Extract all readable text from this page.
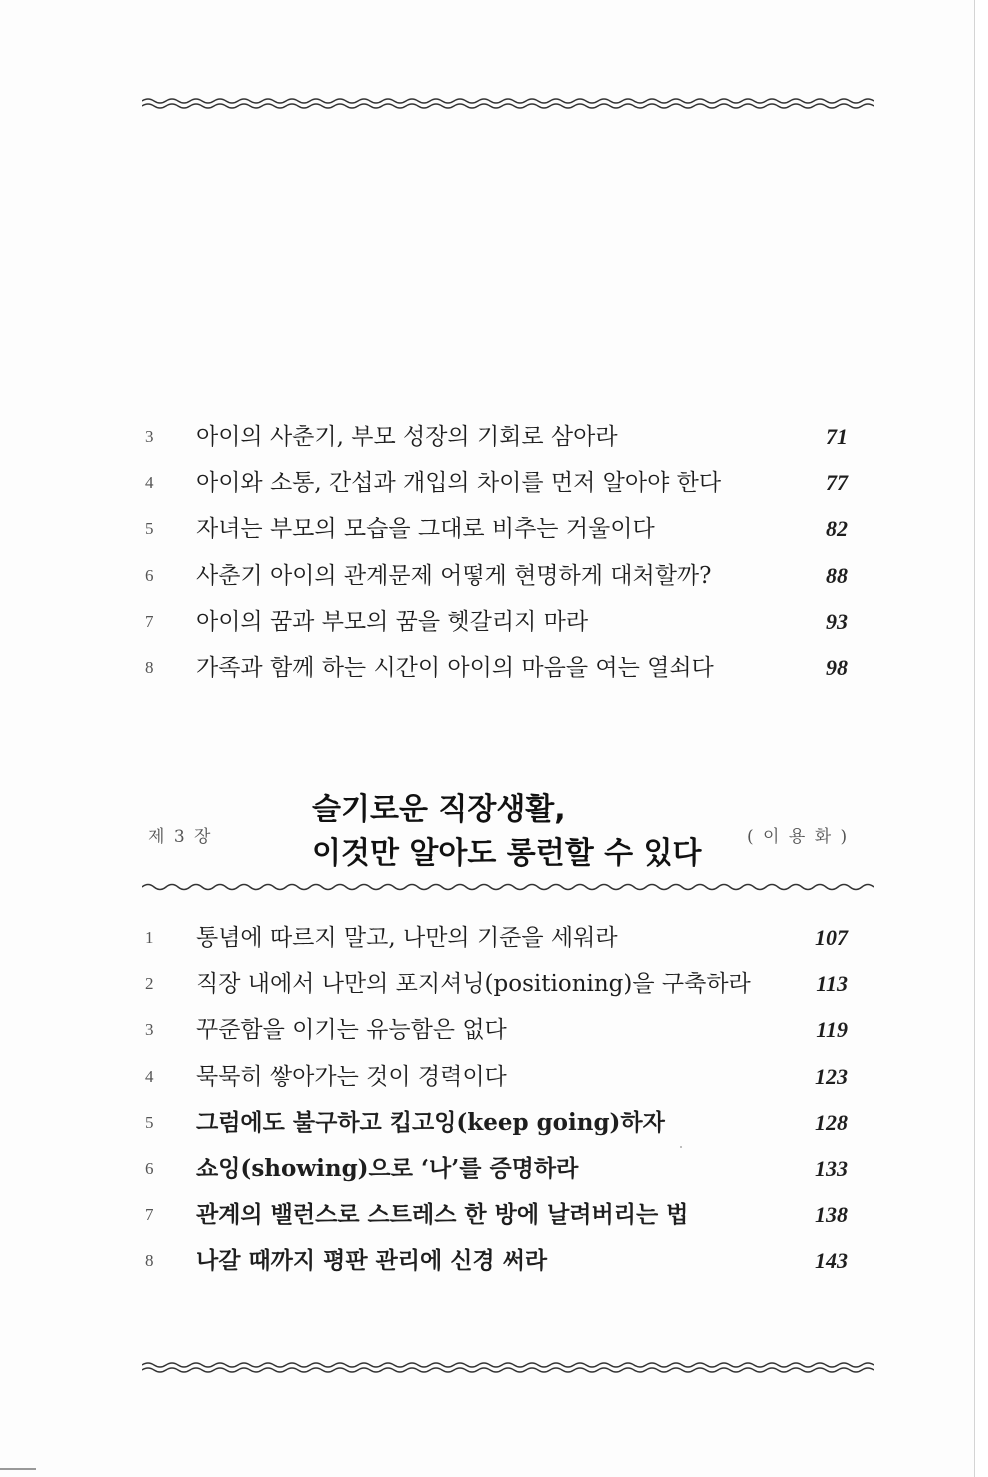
3	아이의 사춘기, 부모 성장의 기회로 삼아라	71
4	아이와 소통, 간섭과 개입의 차이를 먼저 알아야 한다	77
5	자녀는 부모의 모습을 그대로 비추는 거울이다	82
6	사춘기 아이의 관계문제 어떻게 현명하게 대처할까?	88
7	아이의 꿈과 부모의 꿈을 헷갈리지 마라	93
8	가족과 함께 하는 시간이 아이의 마음을 여는 열쇠다	98
제 3 장
슬기로운 직장생활,
이것만 알아도 롱런할 수 있다	( 이 용 화 )
1	통념에 따르지 말고, 나만의 기준을 세워라	107
2	직장 내에서 나만의 포지셔닝(positioning)을 구축하라	113
3	꾸준함을 이기는 유능함은 없다	119
4	묵묵히 쌓아가는 것이 경력이다	123
5	그럼에도 불구하고 킵고잉(keep going)하자	128
6	쇼잉(showing)으로 ‘나’를 증명하라	133
7	관계의 밸런스로 스트레스 한 방에 날려버리는 법	138
8	나갈 때까지 평판 관리에 신경 써라	143
